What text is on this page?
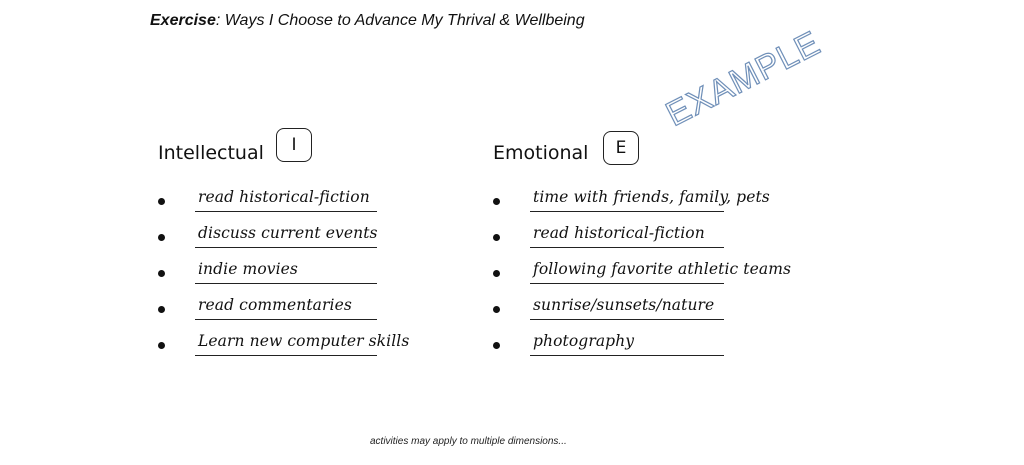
Exercise: Ways I Choose to Advance My Thrival & Wellbeing
Intellectual	I
read historical-fiction
discuss current events
indie movies
read commentaries
Learn new computer skills
Emotional	E
time with friends, family, pets
read historical-fiction
following favorite athletic teams
sunrise/sunsets/nature
photography
EXAMPLE
activities may apply to multiple dimensions...
